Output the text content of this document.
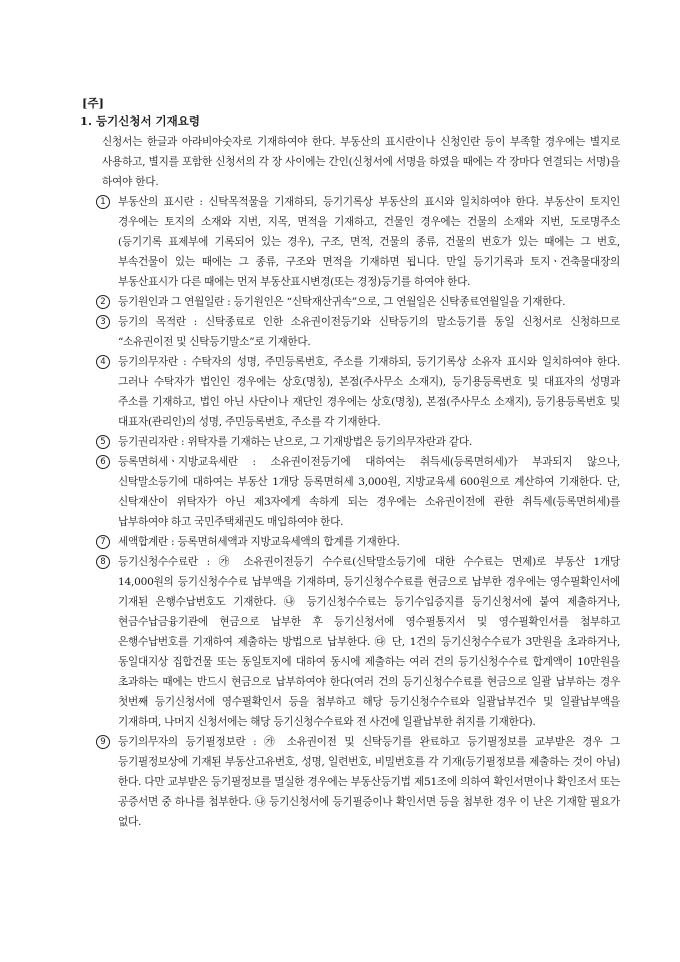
[주]

1. 등기신청서 기재요령

신청서는 한글과 아라비아숫자로 기재하여야 한다. 부동산의 표시란이나 신청인란 등이 부족할 경우에는 별지로 사용하고, 별지를 포함한 신청서의 각 장 사이에는 간인(신청서에 서명을 하였을 때에는 각 장마다 연결되는 서명)을 하여야 한다.

1	부동산의 표시란 : 신탁목적물을 기재하되, 등기기록상 부동산의 표시와 일치하여야 한다. 부동산이 토지인 경우에는 토지의 소재와 지번, 지목, 면적을 기재하고, 건물인 경우에는 건물의 소재와 지번, 도로명주소(등기기록 표제부에 기록되어 있는 경우), 구조, 면적, 건물의 종류, 건물의 번호가 있는 때에는 그 번호, 부속건물이 있는 때에는 그 종류, 구조와 면적을 기재하면 됩니다. 만일 등기기록과 토지ㆍ건축물대장의 부동산표시가 다른 때에는 먼저 부동산표시변경(또는 경정)등기를 하여야 한다.
2	등기원인과 그 연월일란 : 등기원인은 “신탁재산귀속”으로, 그 연월일은 신탁종료연월일을 기재한다.
3	등기의 목적란 : 신탁종료로 인한 소유권이전등기와 신탁등기의 말소등기를 동일 신청서로 신청하므로 “소유권이전 및 신탁등기말소”로 기재한다.
4	등기의무자란 : 수탁자의 성명, 주민등록번호, 주소를 기재하되, 등기기록상 소유자 표시와 일치하여야 한다. 그러나 수탁자가 법인인 경우에는 상호(명칭), 본점(주사무소 소재지), 등기용등록번호 및 대표자의 성명과 주소를 기재하고, 법인 아닌 사단이나 재단인 경우에는 상호(명칭), 본점(주사무소 소재지), 등기용등록번호 및 대표자(관리인)의 성명, 주민등록번호, 주소를 각 기재한다.
5	등기권리자란 : 위탁자를 기재하는 난으로, 그 기재방법은 등기의무자란과 같다.
6	등록면허세ㆍ지방교육세란 : 소유권이전등기에 대하여는 취득세(등록면허세)가 부과되지 않으나, 신탁말소등기에 대하여는 부동산 1개당 등록면허세 3,000원, 지방교육세 600원으로 계산하여 기재한다. 단, 신탁재산이 위탁자가 아닌 제3자에게 속하게 되는 경우에는 소유권이전에 관한 취득세(등록면허세)를 납부하여야 하고 국민주택채권도 매입하여야 한다.
7	세액합계란 : 등록면허세액과 지방교육세액의 합계를 기재한다.
8	등기신청수수료란 : ㉮ 소유권이전등기 수수료(신탁말소등기에 대한 수수료는 면제)로 부동산 1개당 14,000원의 등기신청수수료 납부액을 기재하며, 등기신청수수료를 현금으로 납부한 경우에는 영수필확인서에 기재된 은행수납번호도 기재한다. ㉯ 등기신청수수료는 등기수입증지를 등기신청서에 붙여 제출하거나, 현금수납금융기관에 현금으로 납부한 후 등기신청서에 영수필통지서 및 영수필확인서를 첨부하고 은행수납번호를 기재하여 제출하는 방법으로 납부한다. ㉰ 단, 1건의 등기신청수수료가 3만원을 초과하거나, 동일대지상 집합건물 또는 동일토지에 대하여 동시에 제출하는 여러 건의 등기신청수수료 합계액이 10만원을 초과하는 때에는 반드시 현금으로 납부하여야 한다(여러 건의 등기신청수수료를 현금으로 일괄 납부하는 경우 첫번째 등기신청서에 영수필확인서 등을 첨부하고 해당 등기신청수수료와 일괄납부건수 및 일괄납부액을 기재하며, 나머지 신청서에는 해당 등기신청수수료와 전 사건에 일괄납부한 취지를 기재한다).
9	등기의무자의 등기필정보란 : ㉮ 소유권이전 및 신탁등기를 완료하고 등기필정보를 교부받은 경우 그 등기필정보상에 기재된 부동산고유번호, 성명, 일련번호, 비밀번호를 각 기재(등기필정보를 제출하는 것이 아님)한다. 다만 교부받은 등기필정보를 멸실한 경우에는 부동산등기법 제51조에 의하여 확인서면이나 확인조서 또는 공증서면 중 하나를 첨부한다. ㉯ 등기신청서에 등기필증이나 확인서면 등을 첨부한 경우 이 난은 기재할 필요가 없다.
